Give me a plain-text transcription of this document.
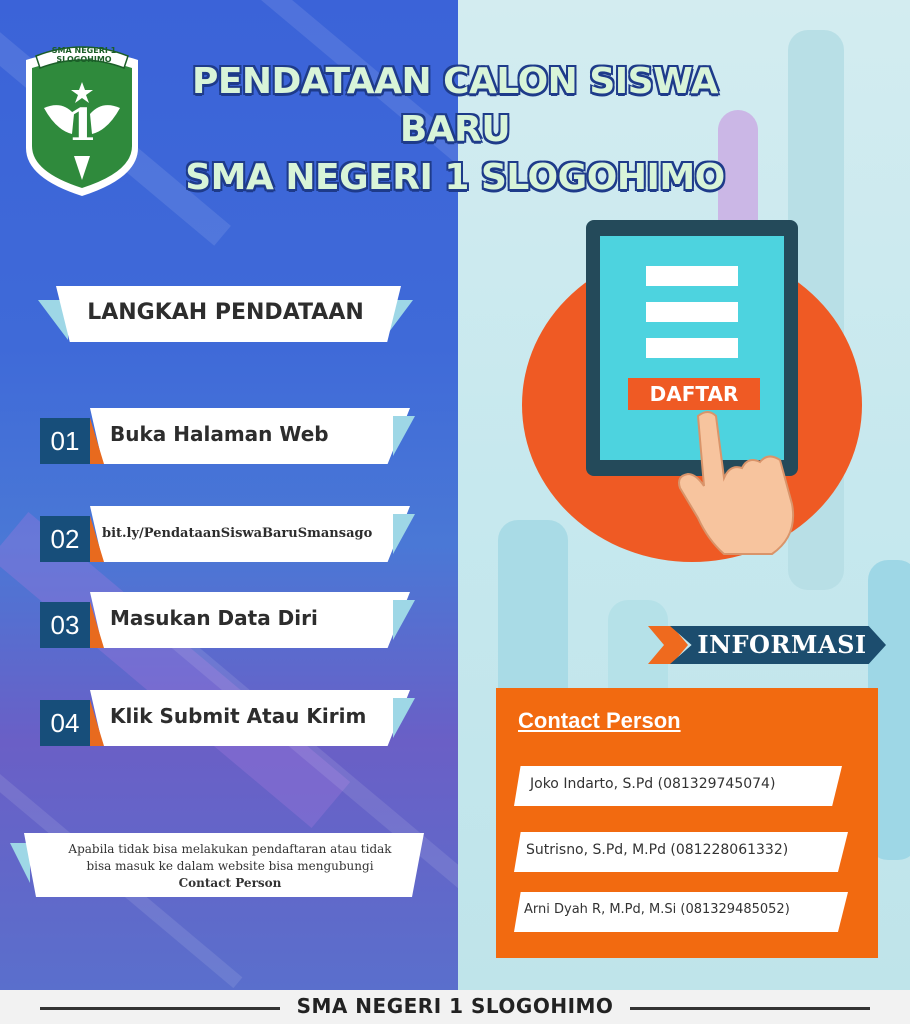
1
SMA NEGERI 1 SLOGOHIMO
PENDATAAN CALON SISWA BARU
SMA NEGERI 1 SLOGOHIMO
LANGKAH PENDATAAN
01	Buka Halaman Web
02	bit.ly/PendataanSiswaBaruSmansago
03	Masukan Data Diri
04	Klik Submit Atau Kirim
Apabila tidak bisa melakukan pendaftaran atau tidak
bisa masuk ke dalam website bisa mengubungi
Contact Person
DAFTAR
INFORMASI
Contact Person
Joko Indarto, S.Pd (081329745074)
Sutrisno, S.Pd, M.Pd (081228061332)
Arni Dyah R, M.Pd, M.Si (081329485052)
SMA NEGERI 1 SLOGOHIMO
